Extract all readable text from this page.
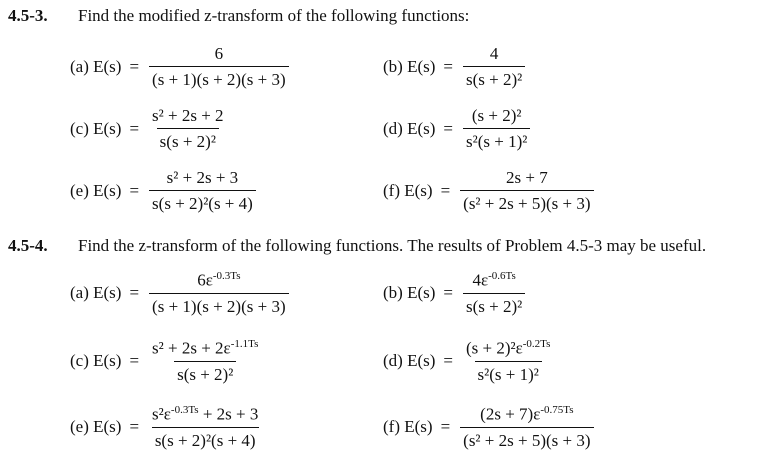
4.5-3. Find the modified z-transform of the following functions:
(a) $E(s) = \frac{6}{(s + 1)(s + 2)(s + 3)}$	(b) $E(s) = \frac{4}{\text{s(s + 2)²}}$
(c) $E(s) = \frac{\text{s² + 2s + 2}}{\text{s(s + 2)²}}$	(d) $E(s) = \frac{\text{(s + 2)²}}{\text{s²(s + 1)²}}$
(e) $E(s) = \frac{\text{s² + 2s + 3}}{\text{s(s + 2)²(s + 4)}}$	(f) $E(s) = \frac{2s + 7}{\text{(s² + 2s + 5)(s + 3)}}$
4.5-4. Find the z-transform of the following functions. The results of Problem 4.5-3 may be useful.
(a) $E(s) = \frac{6\varepsilon^{-0.3Ts}}{(s + 1)(s + 2)(s + 3)}$	(b) $E(s) = \frac{4\varepsilon^{-0.6Ts}}{\text{s(s + 2)²}}$
(c) $E(s) = \frac{s^2 + 2s + 2\varepsilon^{-1.1Ts}}{\text{s(s + 2)²}}$	(d) $E(s) = \frac{(s + 2)^2\varepsilon^{-0.2Ts}}{\text{s²(s + 1)²}}$
(e) $E(s) = \frac{s^2\varepsilon^{-0.3Ts} + 2s + 3}{\text{s(s + 2)²(s + 4)}}$	(f) $E(s) = \frac{(2s + 7)\varepsilon^{-0.75Ts}}{\text{(s² + 2s + 5)(s + 3)}}$
